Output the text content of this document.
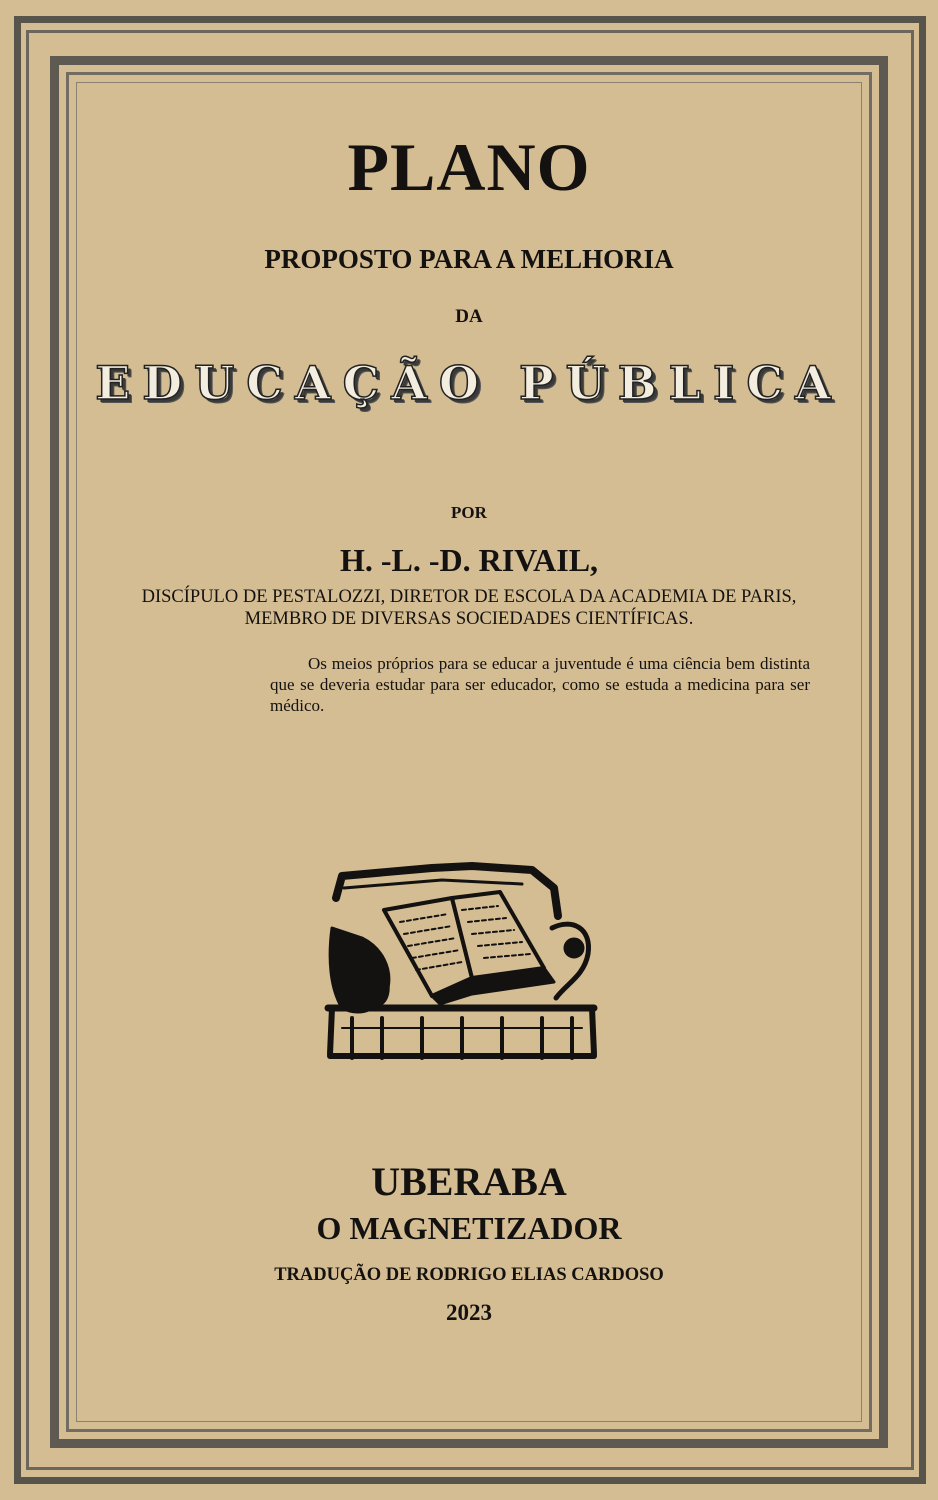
PLANO
PROPOSTO PARA A MELHORIA
DA
EDUCAÇÃO PÚBLICA
POR
H. -L. -D. RIVAIL,
DISCÍPULO DE PESTALOZZI, DIRETOR DE ESCOLA DA ACADEMIA DE PARIS,
MEMBRO DE DIVERSAS SOCIEDADES CIENTÍFICAS.
Os meios próprios para se educar a juventude é uma ciência bem distinta que se deveria estudar para ser educador, como se estuda a medicina para ser médico.
UBERABA
O MAGNETIZADOR
TRADUÇÃO DE RODRIGO ELIAS CARDOSO
2023
